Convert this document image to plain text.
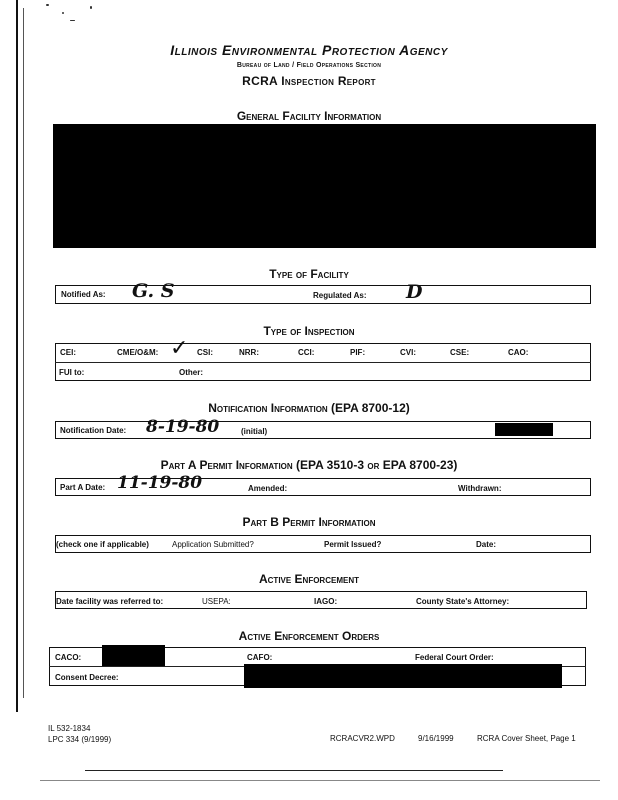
Illinois Environmental Protection Agency
Bureau of Land / Field Operations Section
RCRA Inspection Report
General Facility Information
Type of Facility
Notified As: G. S	Regulated As: D
Type of Inspection
CEI:	CME/O&M: ✓ CSI:	NRR:	CCI:	PIF:	CVI:	CSE:	CAO:
FUI to:	Other:
Notification Information (EPA 8700-12)
Notification Date: 8-19-80	(initial)
Part A Permit Information (EPA 3510-3 or EPA 8700-23)
Part A Date: 11-19-80	Amended:	Withdrawn:
Part B Permit Information
(check one if applicable)	Application Submitted?	Permit Issued?	Date:
Active Enforcement
Date facility was referred to:	USEPA:	IAGO:	County State's Attorney:
Active Enforcement Orders
CACO:	CAFO:	Federal Court Order:
Consent Decree:
IL 532-1834
LPC 334 (9/1999)	RCRACVR2.WPD	9/16/1999	RCRA Cover Sheet, Page 1
